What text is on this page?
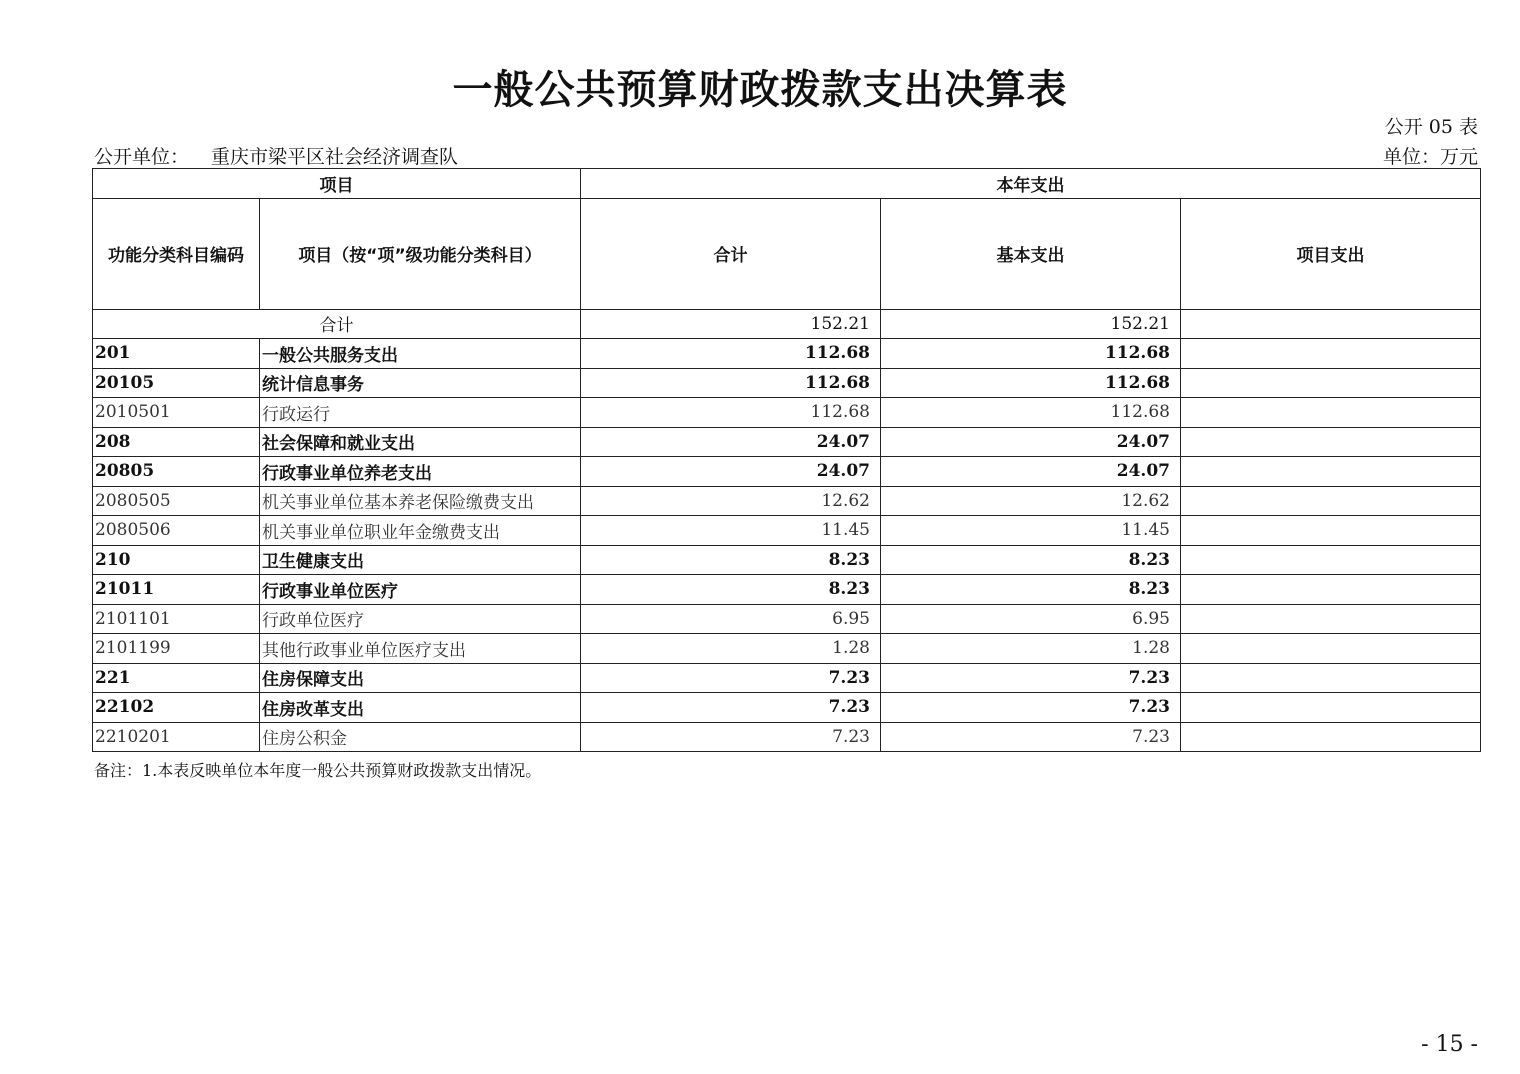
一般公共预算财政拨款支出决算表
公开 05 表
公开单位： 重庆市梁平区社会经济调查队	单位：万元
项目		本年支出		
功能分类科目编码	项目（按“项”级功能分类科目）	合计	基本支出	项目支出
合计		152.21	152.21	
201	一般公共服务支出	112.68	112.68	
20105	统计信息事务	112.68	112.68	
2010501	行政运行	112.68	112.68	
208	社会保障和就业支出	24.07	24.07	
20805	行政事业单位养老支出	24.07	24.07	
2080505	机关事业单位基本养老保险缴费支出	12.62	12.62	
2080506	机关事业单位职业年金缴费支出	11.45	11.45	
210	卫生健康支出	8.23	8.23	
21011	行政事业单位医疗	8.23	8.23	
2101101	行政单位医疗	6.95	6.95	
2101199	其他行政事业单位医疗支出	1.28	1.28	
221	住房保障支出	7.23	7.23	
22102	住房改革支出	7.23	7.23	
2210201	住房公积金	7.23	7.23	
备注：1.本表反映单位本年度一般公共预算财政拨款支出情况。
- 15 -
